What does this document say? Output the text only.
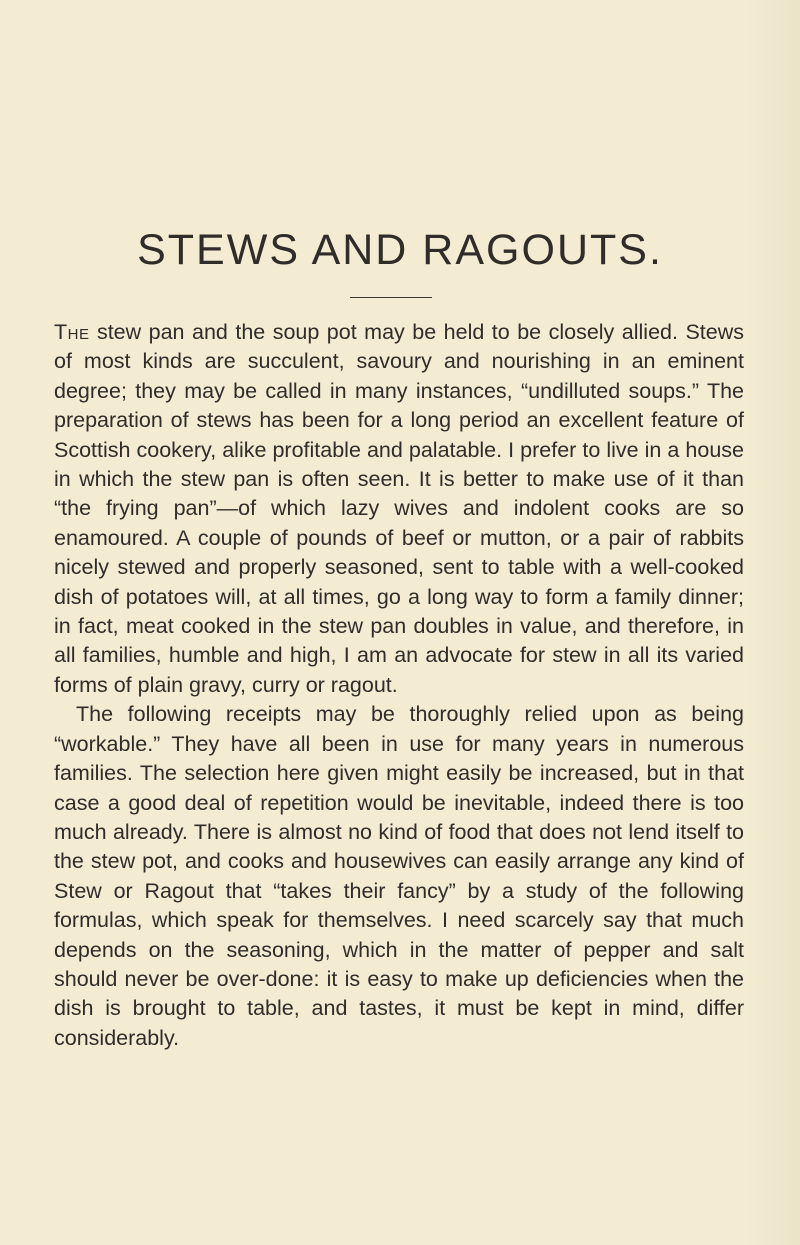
STEWS AND RAGOUTS.

The stew pan and the soup pot may be held to be closely allied. Stews of most kinds are succulent, savoury and nourishing in an eminent degree; they may be called in many instances, “undilluted soups.” The preparation of stews has been for a long period an excellent feature of Scottish cookery, alike profitable and palatable. I prefer to live in a house in which the stew pan is often seen. It is better to make use of it than “the frying pan”—of which lazy wives and indolent cooks are so enamoured. A couple of pounds of beef or mutton, or a pair of rabbits nicely stewed and properly seasoned, sent to table with a well-cooked dish of potatoes will, at all times, go a long way to form a family dinner; in fact, meat cooked in the stew pan doubles in value, and therefore, in all families, humble and high, I am an advocate for stew in all its varied forms of plain gravy, curry or ragout.
The following receipts may be thoroughly relied upon as being “workable.” They have all been in use for many years in numerous families. The selection here given might easily be increased, but in that case a good deal of repetition would be inevitable, indeed there is too much already. There is almost no kind of food that does not lend itself to the stew pot, and cooks and housewives can easily arrange any kind of Stew or Ragout that “takes their fancy” by a study of the following formulas, which speak for themselves. I need scarcely say that much depends on the seasoning, which in the matter of pepper and salt should never be over-done: it is easy to make up deficiencies when the dish is brought to table, and tastes, it must be kept in mind, differ considerably.
